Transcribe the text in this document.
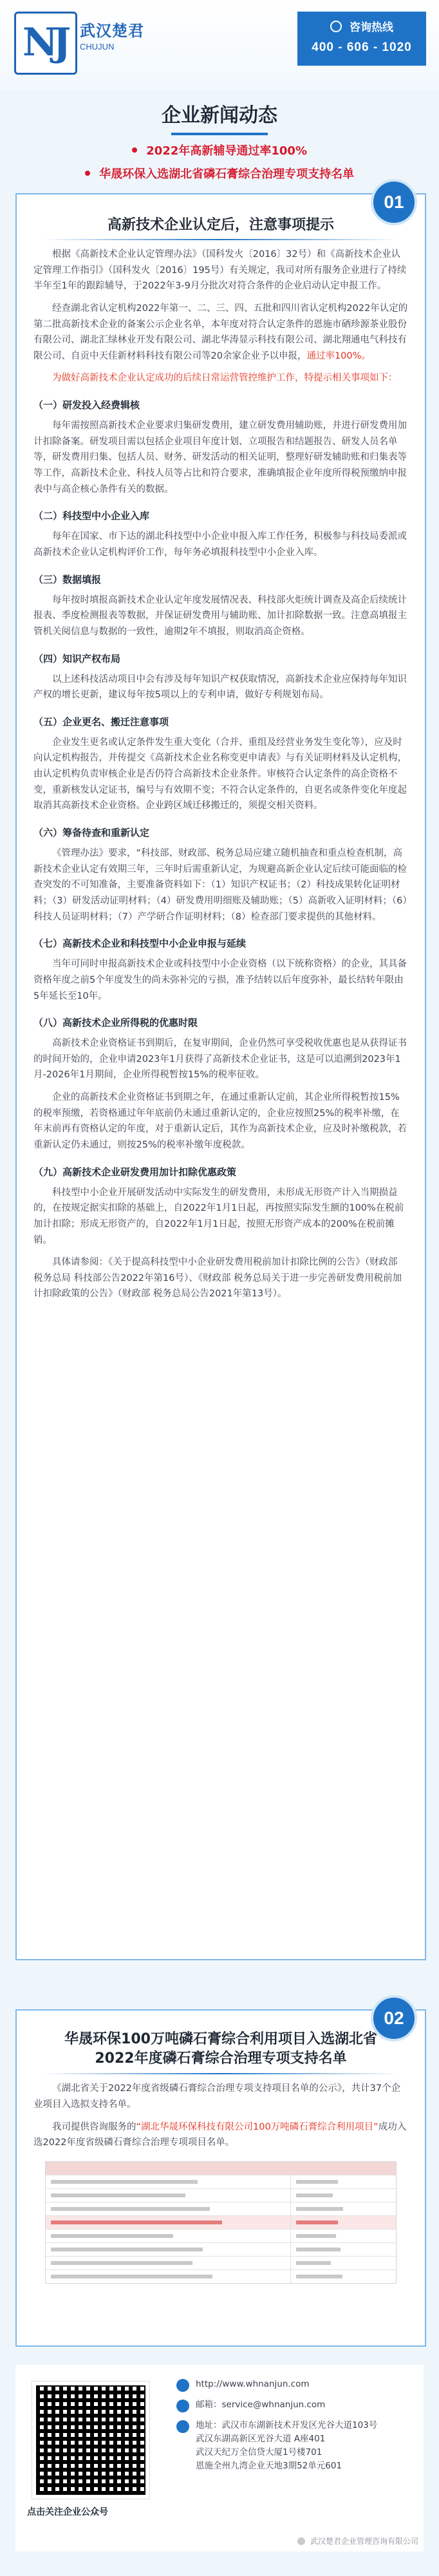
NJ 武汉楚君
CHUJUN
咨询热线
400 - 606 - 1020
企业新闻动态
2022年高新辅导通过率100%
华晟环保入选湖北省磷石膏综合治理专项支持名单
01
高新技术企业认定后，注意事项提示
根据《高新技术企业认定管理办法》（国科发火〔2016〕32号）和《高新技术企业认定管理工作指引》（国科发火〔2016〕195号）有关规定，我司对所有服务企业进行了持续半年至1年的跟踪辅导，于2022年3-9月分批次对符合条件的企业启动认定申报工作。
经查湖北省认定机构2022年第一、二、三、四、五批和四川省认定机构2022年认定的第二批高新技术企业的备案公示企业名单，本年度对符合认定条件的恩施市硒珍源茶业股份有限公司、湖北汇绿林业开发有限公司、湖北华涛显示科技有限公司、湖北翔通电气科技有限公司、自贡中天佳新材料科技有限公司等20余家企业予以申报，通过率100%。
为做好高新技术企业认定成功的后续日常运营管控维护工作，特提示相关事项如下：
（一）研发投入经费辑核
每年需按照高新技术企业要求归集研发费用，建立研发费用辅助账，并进行研发费用加计扣除备案。研发项目需以包括企业项目年度计划、立项报告和结题报告、研发人员名单等，研发费用归集、包括人员、财务、研发活动的相关证明，整理好研发辅助账和归集表等等工作，高新技术企业、科技人员等占比和符合要求，准确填报企业年度所得税预缴纳申报表中与高企核心条件有关的数据。
（二）科技型中小企业入库
每年在国家、市下达的湖北科技型中小企业申报入库工作任务，积极参与科技局委派或高新技术企业认定机构评价工作，每年务必填报科技型中小企业入库。
（三）数据填报
每年按时填报高新技术企业认定年度发展情况表、科技部火炬统计调查及高企后续统计报表、季度检测报表等数据，并保证研发费用与辅助账、加计扣除数据一致。注意高填报主管机关阅信息与数据的一致性，逾期2年不填报，则取消高企资格。
（四）知识产权布局
以上述科技活动项目中会有涉及每年知识产权获取情况，高新技术企业应保持每年知识产权的增长更新，建议每年按5项以上的专利申请，做好专利规划布局。
（五）企业更名、搬迁注意事项
企业发生更名或认定条件发生重大变化（合并、重组及经营业务发生变化等），应及时向认定机构报告，并传提交《高新技术企业名称变更申请表》与有关证明材料及认定机构，由认定机构负责审核企业是否仍符合高新技术企业条件。审核符合认定条件的高企资格不变，重新核发认定证书，编号与有效期不变；不符合认定条件的，自更名或条件变化年度起取消其高新技术企业资格。企业跨区域迁移搬迁的，须提交相关资料。
（六）筹备待查和重新认定
《管理办法》要求，“科技部、财政部、税务总局应建立随机抽查和重点检查机制，高新技术企业认定有效期三年，三年时后需重新认定，为规避高新企业认定后续可能面临的检查突发的不可知准备，主要准备资料如下：（1）知识产权证书；（2）科技成果转化证明材料；（3）研发活动证明材料；（4）研发费用明细账及辅助账；（5）高新收入证明材料；（6）科技人员证明材料；（7）产学研合作证明材料；（8）检查部门要求提供的其他材料。
（七）高新技术企业和科技型中小企业申报与延续
当年可同时申报高新技术企业或科技型中小企业资格（以下统称资格）的企业，其具备资格年度之前5个年度发生的尚未弥补完的亏损，准予结转以后年度弥补，最长结转年限由5年延长至10年。
（八）高新技术企业所得税的优惠时限
高新技术企业资格证书到期后，在复审期间，企业仍然可享受税收优惠也是从获得证书的时间开始的，企业申请2023年1月获得了高新技术企业证书，这是可以追溯到2023年1月-2026年1月期间，企业所得税暂按15%的税率征收。
企业的高新技术企业资格证书到期之年，在通过重新认定前，其企业所得税暂按15%的税率预缴，若资格通过年年底前仍未通过重新认定的，企业应按照25%的税率补缴，在年末前再有资格认定的年度，对于重新认定后，其作为高新技术企业，应及时补缴税款，若重新认定仍未通过，则按25%的税率补缴年度税款。
（九）高新技术企业研发费用加计扣除优惠政策
科技型中小企业开展研发活动中实际发生的研发费用，未形成无形资产计入当期损益的，在按规定据实扣除的基础上，自2022年1月1日起，再按照实际发生额的100%在税前加计扣除；形成无形资产的，自2022年1月1日起，按照无形资产成本的200%在税前摊销。
具体请参阅：《关于提高科技型中小企业研发费用税前加计扣除比例的公告》（财政部 税务总局 科技部公告2022年第16号）、《财政部 税务总局关于进一步完善研发费用税前加计扣除政策的公告》（财政部 税务总局公告2021年第13号）。
02
华晟环保100万吨磷石膏综合利用项目入选湖北省2022年度磷石膏综合治理专项支持名单
《湖北省关于2022年度省级磷石膏综合治理专项支持项目名单的公示》，共计37个企业项目入选拟支持名单。
我司提供咨询服务的“湖北华晟环保科技有限公司100万吨磷石膏综合利用项目”成功入选2022年度省级磷石膏综合治理专项项目名单。
点击关注企业公众号
http://www.whnanjun.com
邮箱：service@whnanjun.com
地址：武汉市东湖新技术开发区光谷大道103号
武汉东湖高新区光谷大道 A座401
武汉天纪万全信贷大厦1号楼701
恩施全州九湾企业天地3期52单元601
武汉楚君企业管理咨询有限公司
